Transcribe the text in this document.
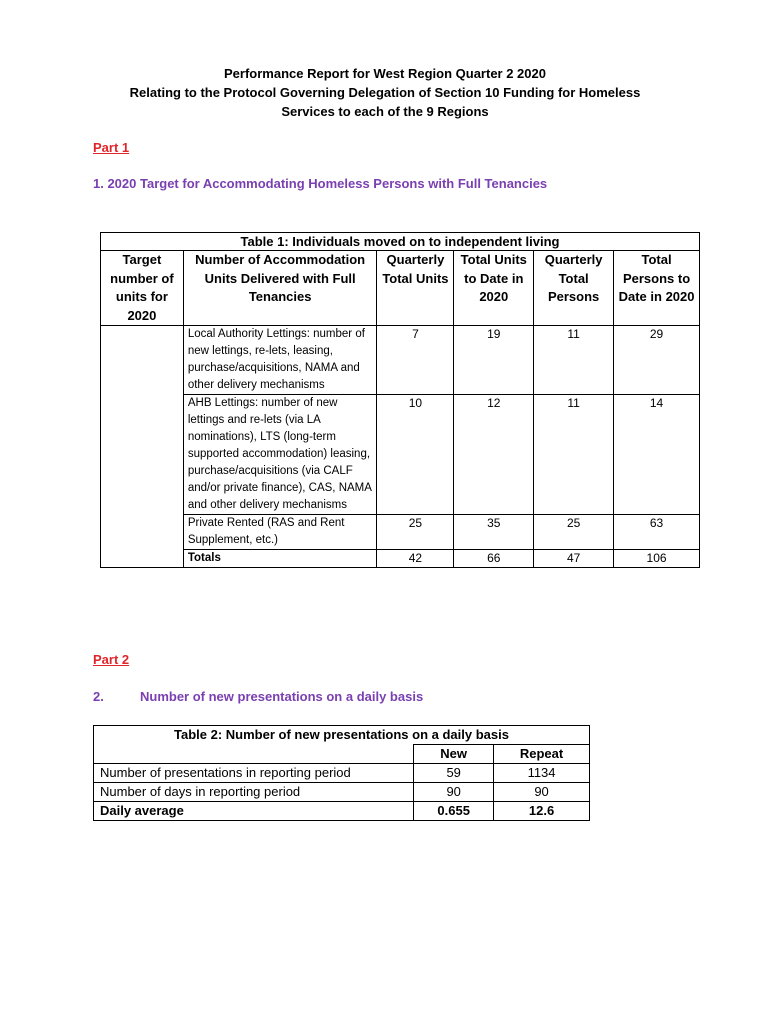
Performance Report for West Region Quarter 2 2020
Relating to the Protocol Governing Delegation of Section 10 Funding for Homeless
Services to each of the 9 Regions
Part 1
1. 2020 Target for Accommodating Homeless Persons with Full Tenancies
Table 1: Individuals moved on to independent living					
Target number of units for 2020	Number of Accommodation Units Delivered with Full Tenancies	Quarterly Total Units	Total Units to Date in 2020	Quarterly Total Persons	Total Persons to Date in 2020
	Local Authority Lettings: number of new lettings, re-lets, leasing, purchase/acquisitions, NAMA and other delivery mechanisms	7	19	11	29
	AHB Lettings: number of new lettings and re-lets (via LA nominations), LTS (long-term supported accommodation) leasing, purchase/acquisitions (via CALF and/or private finance), CAS, NAMA and other delivery mechanisms	10	12	11	14
	Private Rented (RAS and Rent Supplement, etc.)	25	35	25	63
	Totals	42	66	47	106
Part 2
2.	Number of new presentations on a daily basis
Table 2: Number of new presentations on a daily basis		
	New	Repeat
Number of presentations in reporting period	59	1134
Number of days in reporting period	90	90
Daily average	0.655	12.6
